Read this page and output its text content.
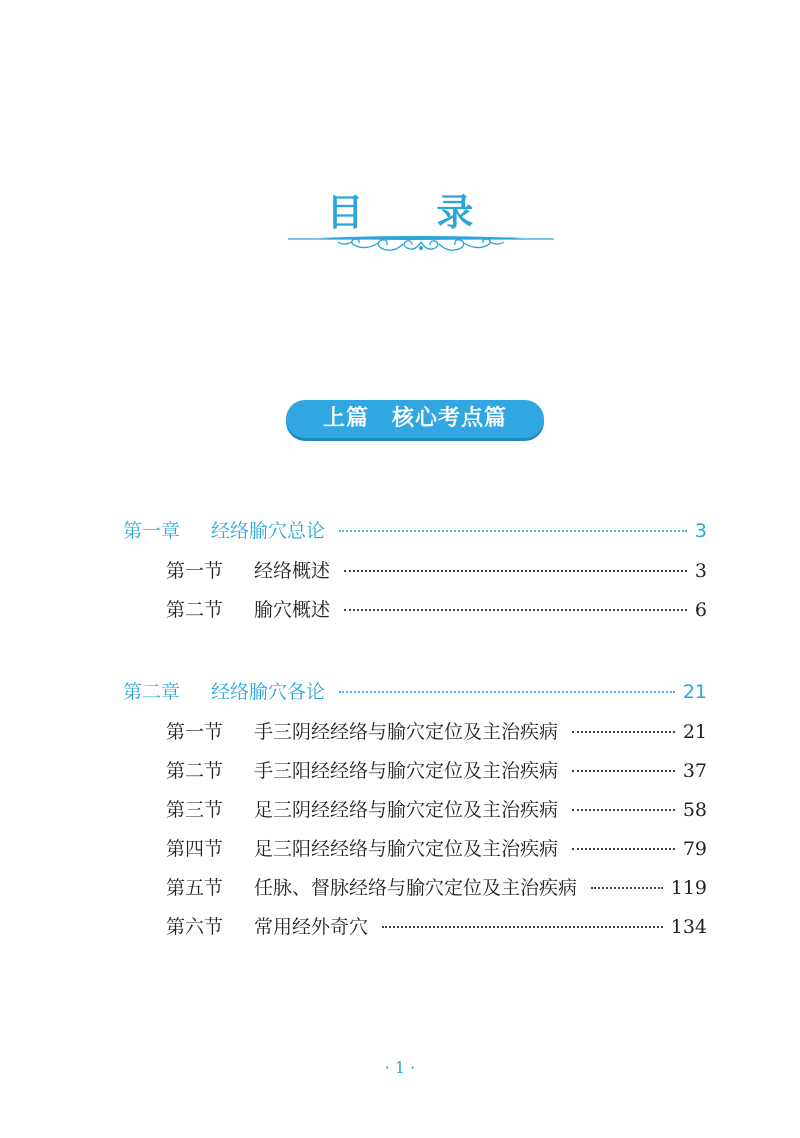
目 录
上篇　核心考点篇
第一章	经络腧穴总论	3
第一节	经络概述	3
第二节	腧穴概述	6
第二章	经络腧穴各论	21
第一节	手三阴经经络与腧穴定位及主治疾病	21
第二节	手三阳经经络与腧穴定位及主治疾病	37
第三节	足三阴经经络与腧穴定位及主治疾病	58
第四节	足三阳经经络与腧穴定位及主治疾病	79
第五节	任脉、督脉经络与腧穴定位及主治疾病	119
第六节	常用经外奇穴	134
· 1 ·
